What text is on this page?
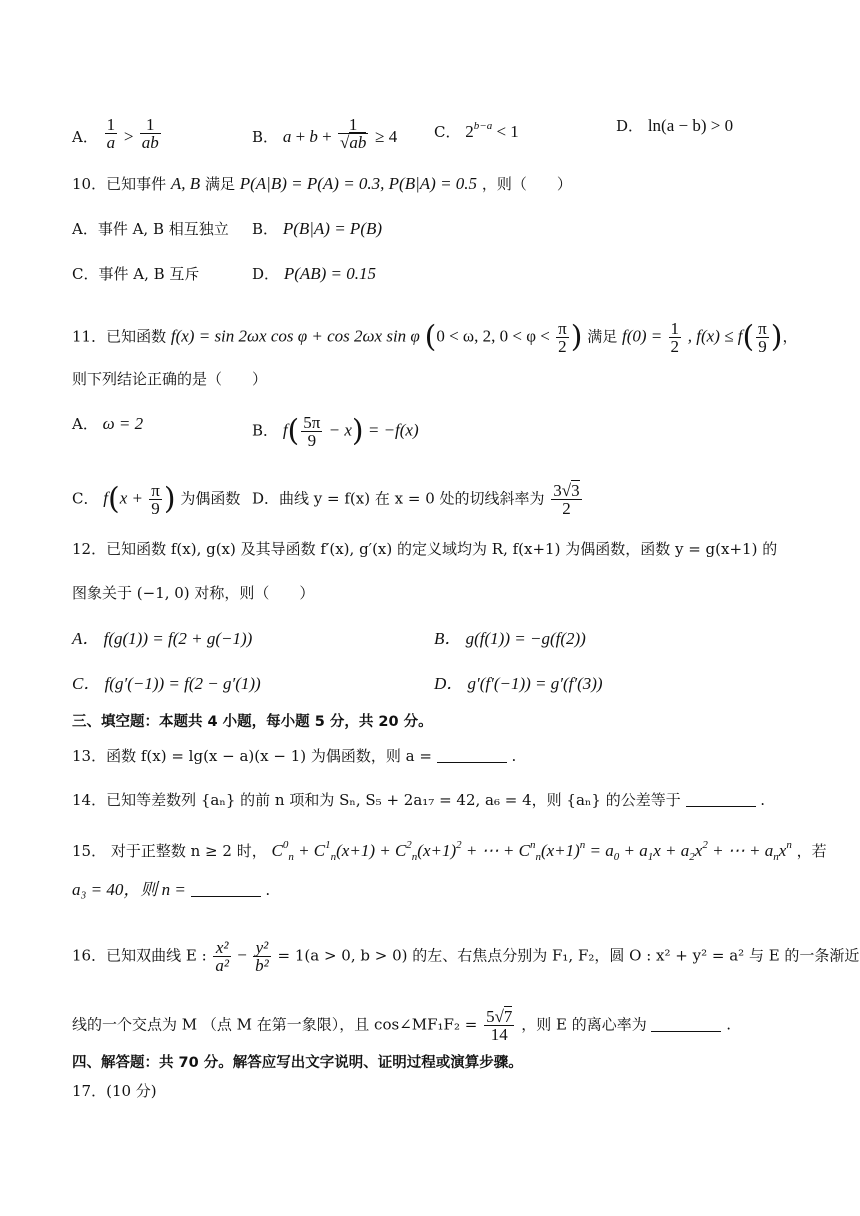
A． $\frac{1}{a} > \frac{1}{ab}$	B． $a + b + \frac{1}{√ab} \ge 4$ C． $2^{b-a} < 1$	D． ln(a − b) > 0
10．已知事件 A, B 满足 P(A|B) = P(A) = 0.3, P(B|A) = 0.5 ，则（　　）
A．事件 A, B 相互独立 B． P(B|A) = P(B)
C．事件 A, B 互斥	D． P(AB) = 0.15
11．已知函数 f(x) = sin 2ωx cos φ + cos 2ωx sin φ (0 < ω, 2, $0 < \varphi < \frac{\pi}{2}$ ) 满足 $f(0) = \frac{1}{2}$ , $f(x) \le f( \frac{\pi}{9}$ )，
则下列结论正确的是（　　）
A． ω = 2	B． $f( \frac{5\pi}{9} - x) = -f(x)$
C． $f(x + \frac{\pi}{9}$ ) 为偶函数 D．曲线 y = f(x) 在 x = 0 处的切线斜率为 $\frac{3√3}{2}$
12．已知函数 f(x), g(x) 及其导函数 f′(x), g′(x) 的定义域均为 R, f(x+1) 为偶函数，函数 y = g(x+1) 的
图象关于 (−1, 0) 对称，则（　　）
A． f(g(1)) = f(2 + g(−1))	B． g(f(1)) = −g(f(2))
C． f(g′(−1)) = f(2 − g′(1))	D． g′(f′(−1)) = g′(f′(3))
三、填空题：本题共 4 小题，每小题 5 分，共 20 分。
13．函数 f(x) = lg(x − a)(x − 1) 为偶函数，则 a =	.
14．已知等差数列 {aₙ} 的前 n 项和为 Sₙ, S₅ + 2a₁₇ = 42, a₆ = 4，则 {aₙ} 的公差等于	.
15． 对于正整数 n ≥ 2 时， $C^0_n + C^1_n(x+1) + C^2_n(x+1)^2$ + ⋯ + $C^n_n(x+1)^n = a_0 + a_1x + a_2x^2$ + ⋯ + $a_nx^n$ ，若
a₃ = 40，则 n =	.
16．已知双曲线 E : $\frac{\text{x²}}{\text{a²}} - \frac{\text{y²}}{\text{b²}} = 1(a > 0$, b > 0) 的左、右焦点分别为 F₁, F₂，圆 O : x² + y² = a² 与 E 的一条渐近
线的一个交点为 M （点 M 在第一象限），且 cos∠MF₁F₂ = $\frac{5√7}{14}$ ，则 E 的离心率为	.
四、解答题：共 70 分。解答应写出文字说明、证明过程或演算步骤。
17．(10 分)
